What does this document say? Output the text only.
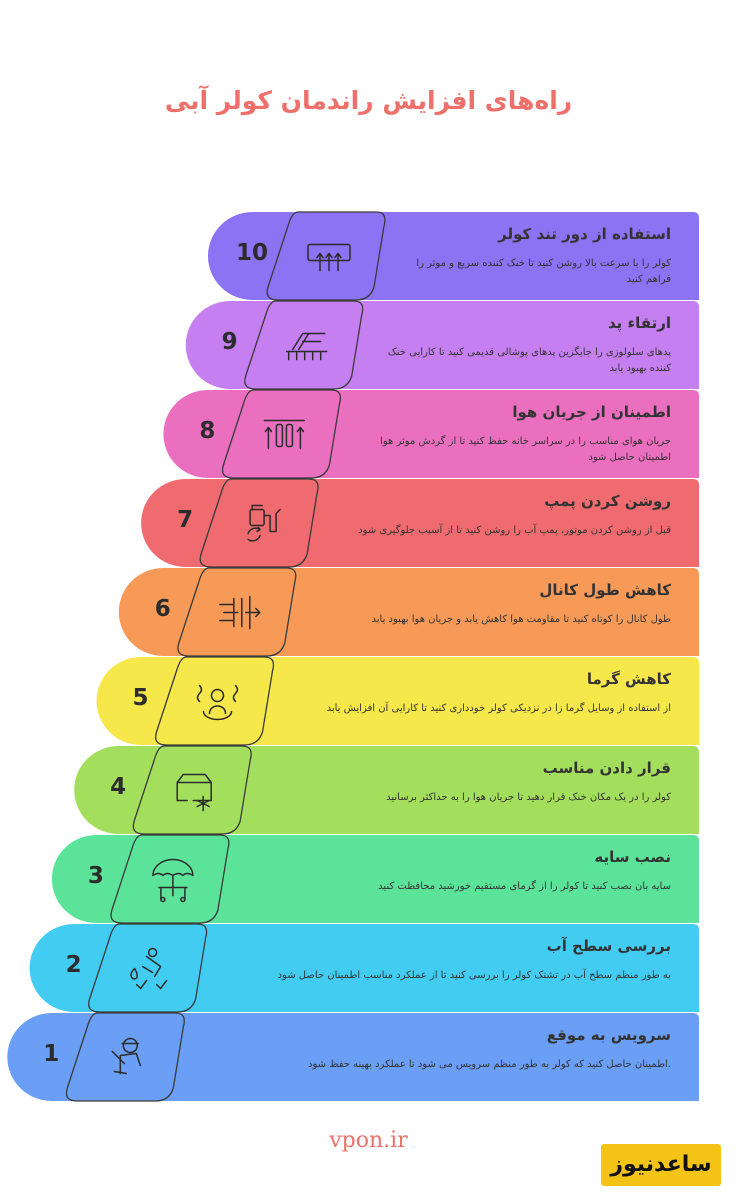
راه‌های افزایش راندمان کولر آبی
10
استفاده از دور تند کولر
کولر را با سرعت بالا روشن کنید تا خنک کننده سریع و موثر را فراهم کنید
9
ارتقاء پد
پدهای سلولوزی را جایگزین پدهای پوشالی قدیمی کنید تا کارایی خنک کننده بهبود یابد
8
اطمینان از جریان هوا
جریان هوای مناسب را در سراسر خانه حفظ کنید تا از گردش موثر هوا اطمینان حاصل شود
7
روشن کردن پمپ
قبل از روشن کردن موتور، پمپ آب را روشن کنید تا از آسیب جلوگیری شود
6
کاهش طول کانال
طول کانال را کوتاه کنید تا مقاومت هوا کاهش یابد و جریان هوا بهبود یابد
5
کاهش گرما
از استفاده از وسایل گرما زا در نزدیکی کولر خودداری کنید تا کارایی آن افزایش یابد
4
قرار دادن مناسب
کولر را در یک مکان خنک قرار دهید تا جریان هوا را به حداکثر برسانید
3
نصب سایه
سایه بان نصب کنید تا کولر را از گرمای مستقیم خورشید محافظت کنید
2
بررسی سطح آب
به طور منظم سطح آب در تشتک کولر را بررسی کنید تا از عملکرد مناسب اطمینان حاصل شود
1
سرویس به موقع
.اطمینان حاصل کنید که کولر به طور منظم سرویس می شود تا عملکرد بهینه حفظ شود
vpon.ir
ساعدنیوز
